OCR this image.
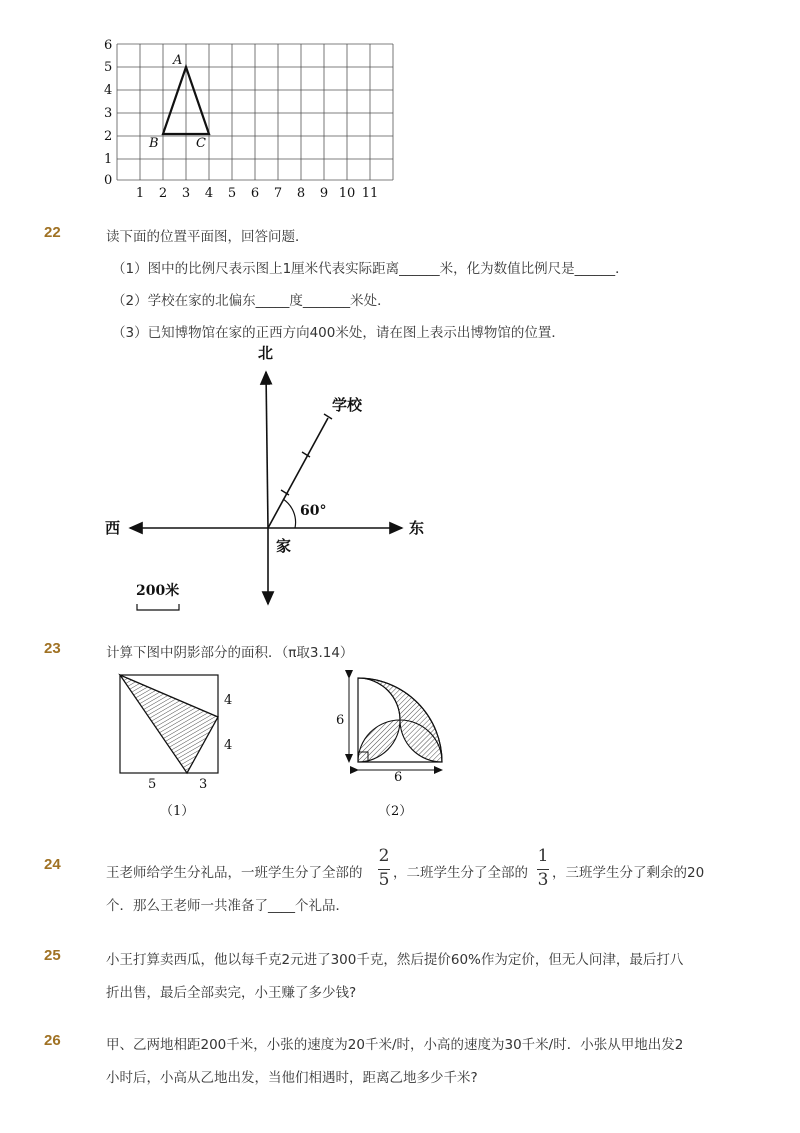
0
1
2
3
4
5
6
1 2 3 4 5 6 7 8 9 10 11
A
B	C
22	读下面的位置平面图，回答问题．
（1）图中的比例尺表示图上1厘米代表实际距离______米，化为数值比例尺是______．
（2）学校在家的北偏东_____度_______米处．
（3）已知博物馆在家的正西方向400米处，请在图上表示出博物馆的位置．
北
东
西
家
学校
60°
200米
23	计算下图中阴影部分的面积．（π取3.14）
4
4
5	3
（1）
6
6
（2）
24	王老师给学生分礼品，一班学生分了全部的
2
5 ，二班学生分了全部的
1
3 ，三班学生分了剩余的20
个．那么王老师一共准备了____个礼品．
25	小王打算卖西瓜，他以每千克2元进了300千克，然后提价60%作为定价，但无人问津，最后打八
折出售，最后全部卖完，小王赚了多少钱?
26	甲、乙两地相距200千米，小张的速度为20千米/时，小高的速度为30千米/时．小张从甲地出发2
小时后，小高从乙地出发，当他们相遇时，距离乙地多少千米?
